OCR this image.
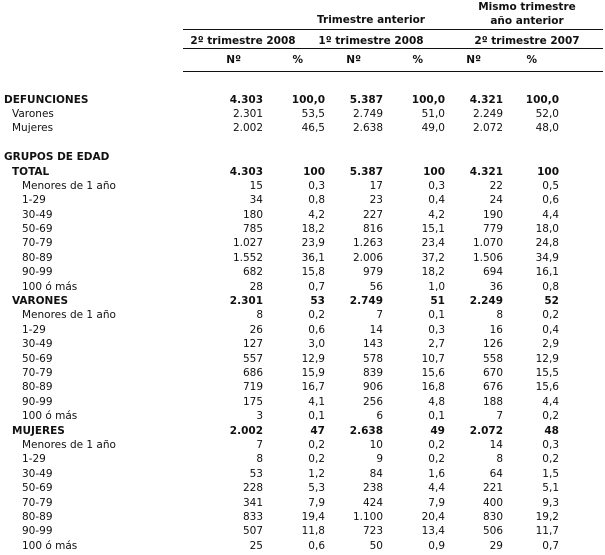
2º trimestre 2008
Trimestre anterior
1º trimestre 2008
Mismo trimestre
año anterior
2º trimestre 2007
	Nº	%	Nº	%	Nº	%

DEFUNCIONES	4.303	100,0	5.387	100,0	4.321	100,0
Varones	2.301	53,5	2.749	51,0	2.249	52,0
Mujeres	2.002	46,5	2.638	49,0	2.072	48,0

GRUPOS DE EDAD						
TOTAL	4.303	100	5.387	100	4.321	100
Menores de 1 año	15	0,3	17	0,3	22	0,5
1-29	34	0,8	23	0,4	24	0,6
30-49	180	4,2	227	4,2	190	4,4
50-69	785	18,2	816	15,1	779	18,0
70-79	1.027	23,9	1.263	23,4	1.070	24,8
80-89	1.552	36,1	2.006	37,2	1.506	34,9
90-99	682	15,8	979	18,2	694	16,1
100 ó más	28	0,7	56	1,0	36	0,8
VARONES	2.301	53	2.749	51	2.249	52
Menores de 1 año	8	0,2	7	0,1	8	0,2
1-29	26	0,6	14	0,3	16	0,4
30-49	127	3,0	143	2,7	126	2,9
50-69	557	12,9	578	10,7	558	12,9
70-79	686	15,9	839	15,6	670	15,5
80-89	719	16,7	906	16,8	676	15,6
90-99	175	4,1	256	4,8	188	4,4
100 ó más	3	0,1	6	0,1	7	0,2
MUJERES	2.002	47	2.638	49	2.072	48
Menores de 1 año	7	0,2	10	0,2	14	0,3
1-29	8	0,2	9	0,2	8	0,2
30-49	53	1,2	84	1,6	64	1,5
50-69	228	5,3	238	4,4	221	5,1
70-79	341	7,9	424	7,9	400	9,3
80-89	833	19,4	1.100	20,4	830	19,2
90-99	507	11,8	723	13,4	506	11,7
100 ó más	25	0,6	50	0,9	29	0,7
